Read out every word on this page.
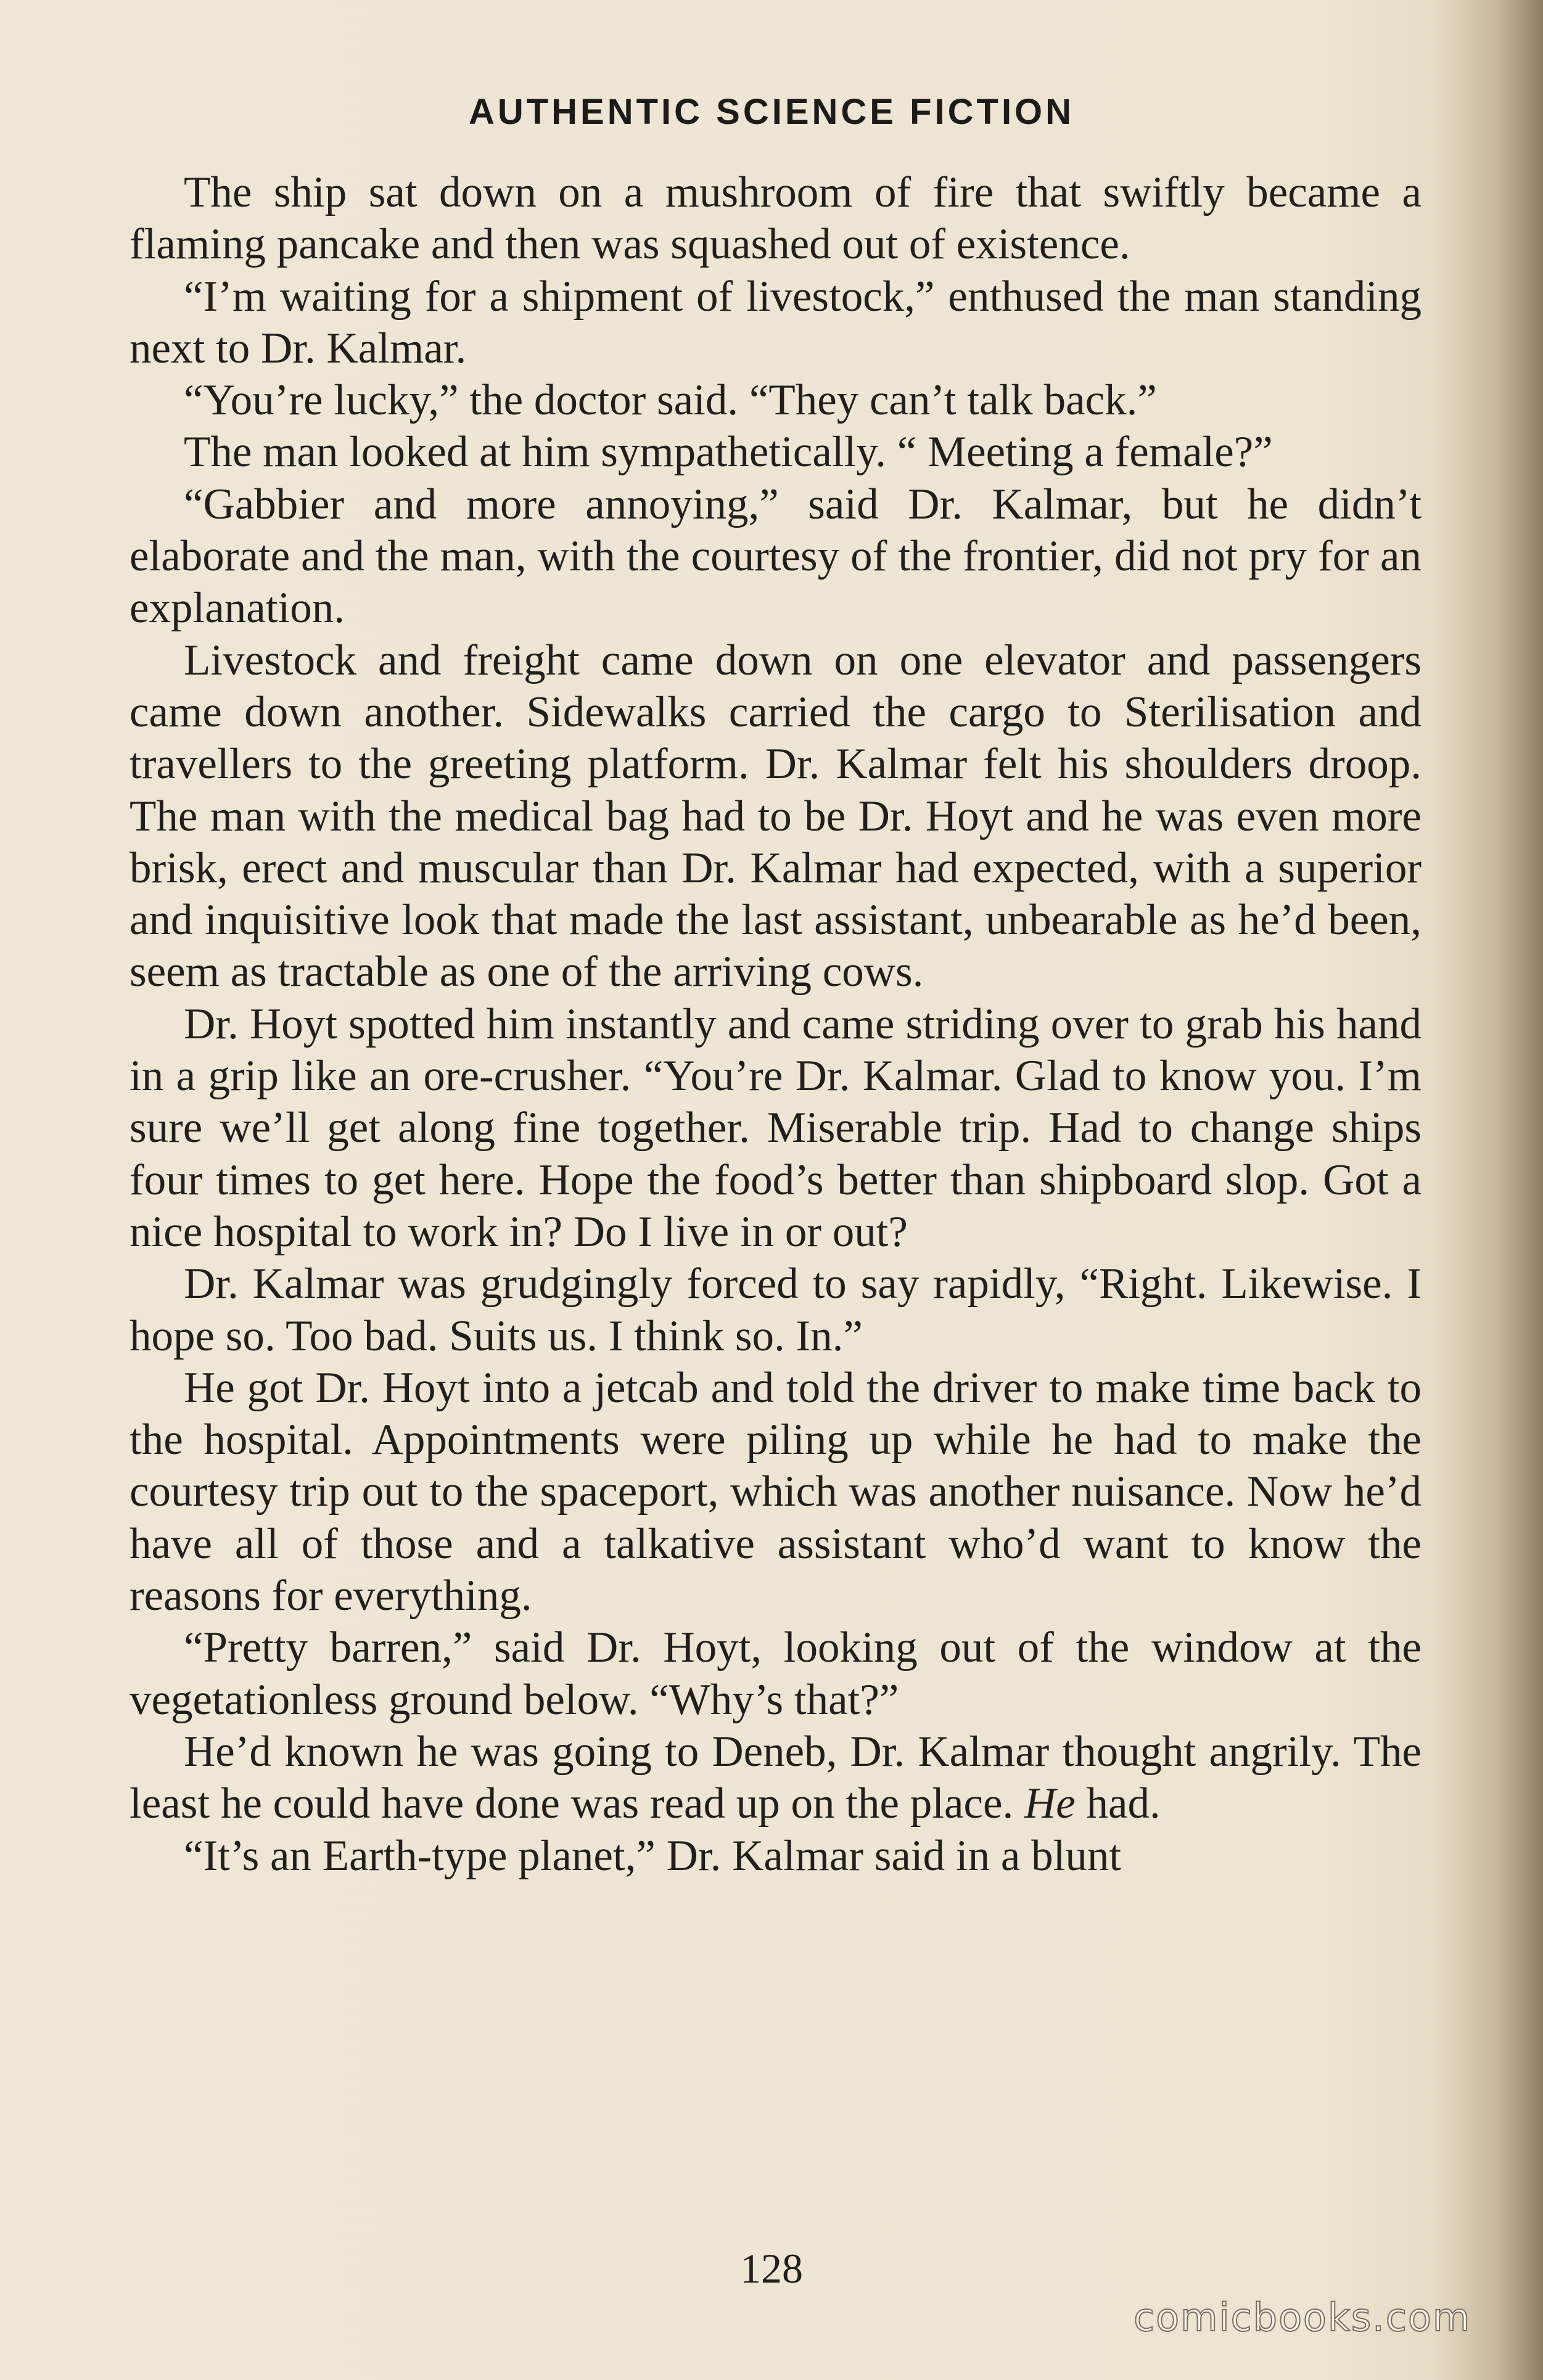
AUTHENTIC SCIENCE FICTION

The ship sat down on a mushroom of fire that swiftly became a flaming pancake and then was squashed out of existence.

“I’m waiting for a shipment of livestock,” enthused the man standing next to Dr. Kalmar.

“You’re lucky,” the doctor said. “They can’t talk back.”

The man looked at him sympathetically. “ Meeting a female?”

“Gabbier and more annoying,” said Dr. Kalmar, but he didn’t elaborate and the man, with the courtesy of the frontier, did not pry for an explanation.

Livestock and freight came down on one elevator and passengers came down another. Sidewalks carried the cargo to Sterilisation and travellers to the greeting platform. Dr. Kalmar felt his shoulders droop. The man with the medical bag had to be Dr. Hoyt and he was even more brisk, erect and muscular than Dr. Kalmar had expected, with a superior and inquisitive look that made the last assistant, unbearable as he’d been, seem as tractable as one of the arriving cows.

Dr. Hoyt spotted him instantly and came striding over to grab his hand in a grip like an ore-crusher. “You’re Dr. Kalmar. Glad to know you. I’m sure we’ll get along fine together. Miserable trip. Had to change ships four times to get here. Hope the food’s better than shipboard slop. Got a nice hospital to work in? Do I live in or out?

Dr. Kalmar was grudgingly forced to say rapidly, “Right. Likewise. I hope so. Too bad. Suits us. I think so. In.”

He got Dr. Hoyt into a jetcab and told the driver to make time back to the hospital. Appointments were piling up while he had to make the courtesy trip out to the spaceport, which was another nuisance. Now he’d have all of those and a talkative assistant who’d want to know the reasons for everything.

“Pretty barren,” said Dr. Hoyt, looking out of the window at the vegetationless ground below. “Why’s that?”

He’d known he was going to Deneb, Dr. Kalmar thought angrily. The least he could have done was read up on the place. He had.

“It’s an Earth-type planet,” Dr. Kalmar said in a blunt

128
comicbooks.com
